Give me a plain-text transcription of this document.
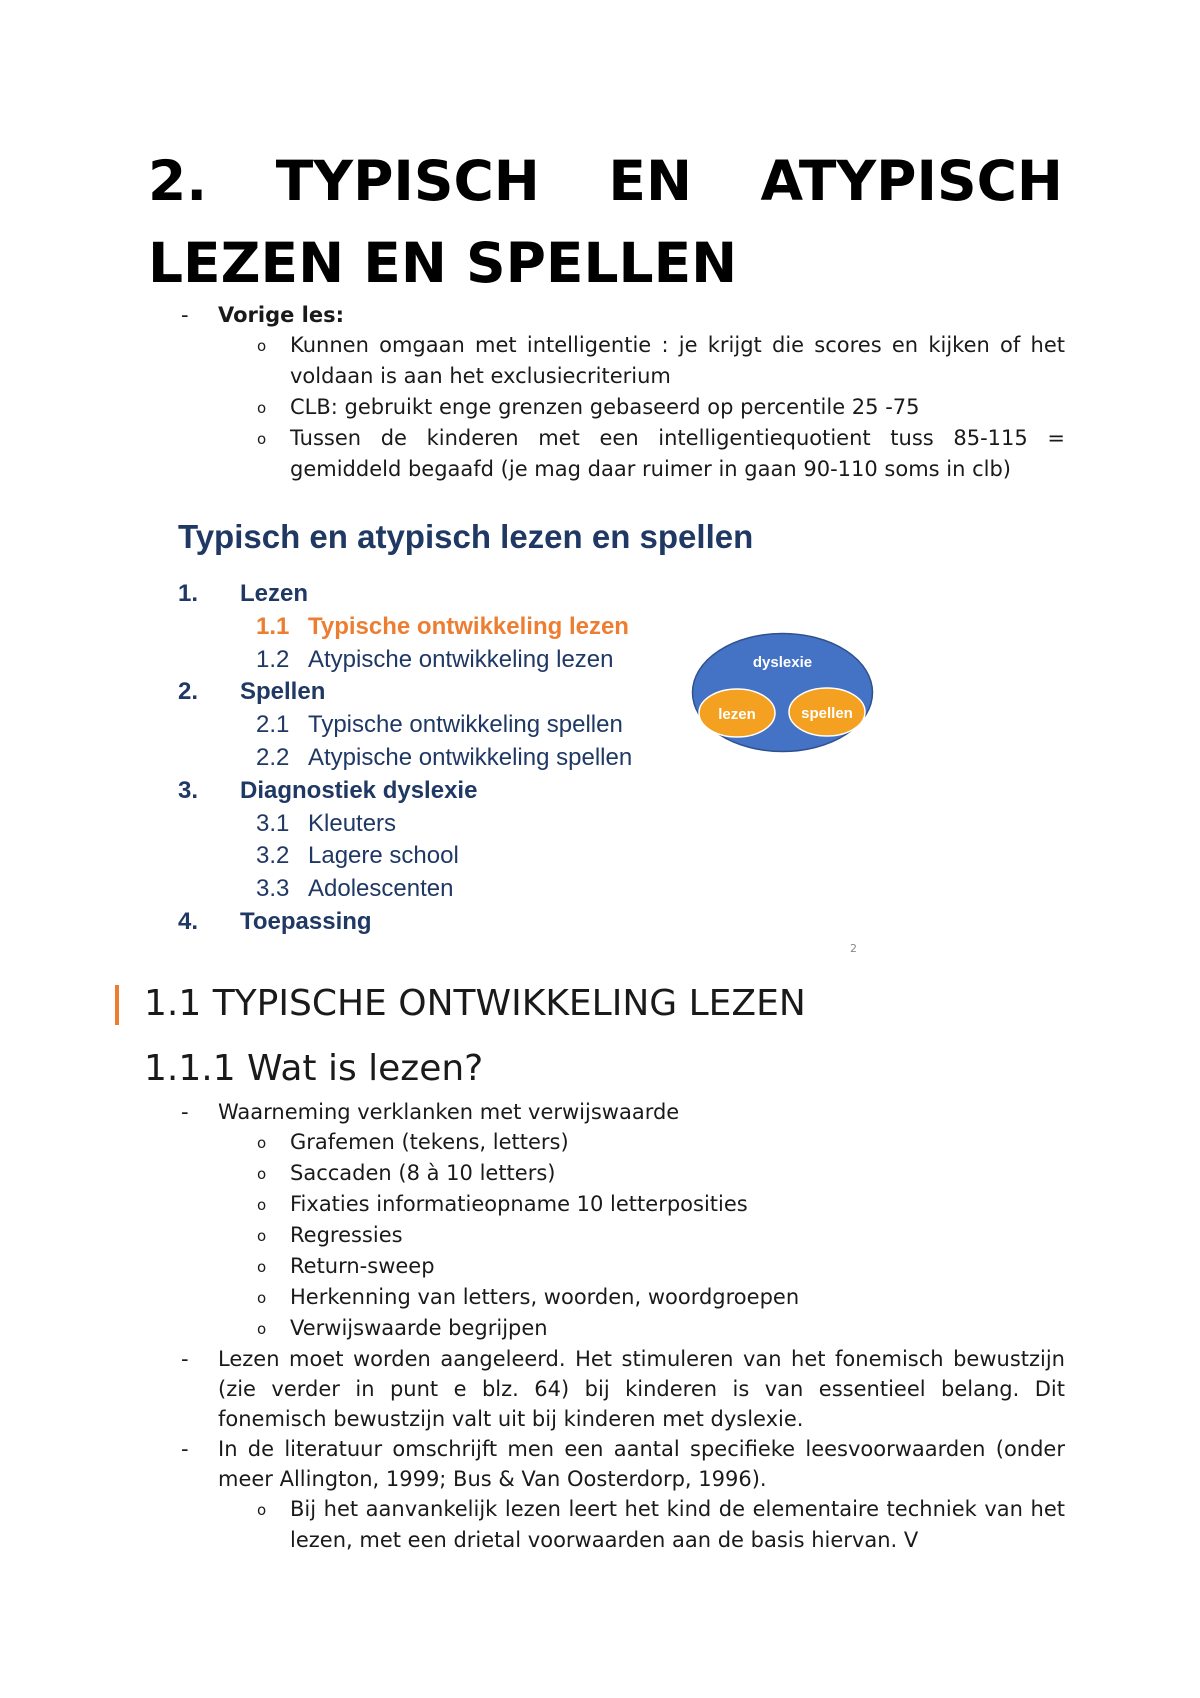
2. TYPISCH EN ATYPISCH
LEZEN EN SPELLEN
- Vorige les:
o Kunnen omgaan met intelligentie : je krijgt die scores en kijken of het voldaan is aan het exclusiecriterium
o CLB: gebruikt enge grenzen gebaseerd op percentile 25 -75
o Tussen de kinderen met een intelligentiequotient tuss 85-115 = gemiddeld begaafd (je mag daar ruimer in gaan 90-110 soms in clb)
Typisch en atypisch lezen en spellen
1. Lezen
1.1 Typische ontwikkeling lezen
1.2 Atypische ontwikkeling lezen
2. Spellen
2.1 Typische ontwikkeling spellen
2.2 Atypische ontwikkeling spellen
3. Diagnostiek dyslexie
3.1 Kleuters
3.2 Lagere school
3.3 Adolescenten
4. Toepassing
dyslexie
lezen	spellen
2
1.1 TYPISCHE ONTWIKKELING LEZEN
1.1.1 Wat is lezen?
- Waarneming verklanken met verwijswaarde
o Grafemen (tekens, letters)
o Saccaden (8 à 10 letters)
o Fixaties informatieopname 10 letterposities
o Regressies
o Return-sweep
o Herkenning van letters, woorden, woordgroepen
o Verwijswaarde begrijpen
- Lezen moet worden aangeleerd. Het stimuleren van het fonemisch bewustzijn (zie verder in punt e blz. 64) bij kinderen is van essentieel belang. Dit fonemisch bewustzijn valt uit bij kinderen met dyslexie.
- In de literatuur omschrijft men een aantal specifieke leesvoorwaarden (onder meer Allington, 1999; Bus & Van Oosterdorp, 1996).
o Bij het aanvankelijk lezen leert het kind de elementaire techniek van het lezen, met een drietal voorwaarden aan de basis hiervan. V
